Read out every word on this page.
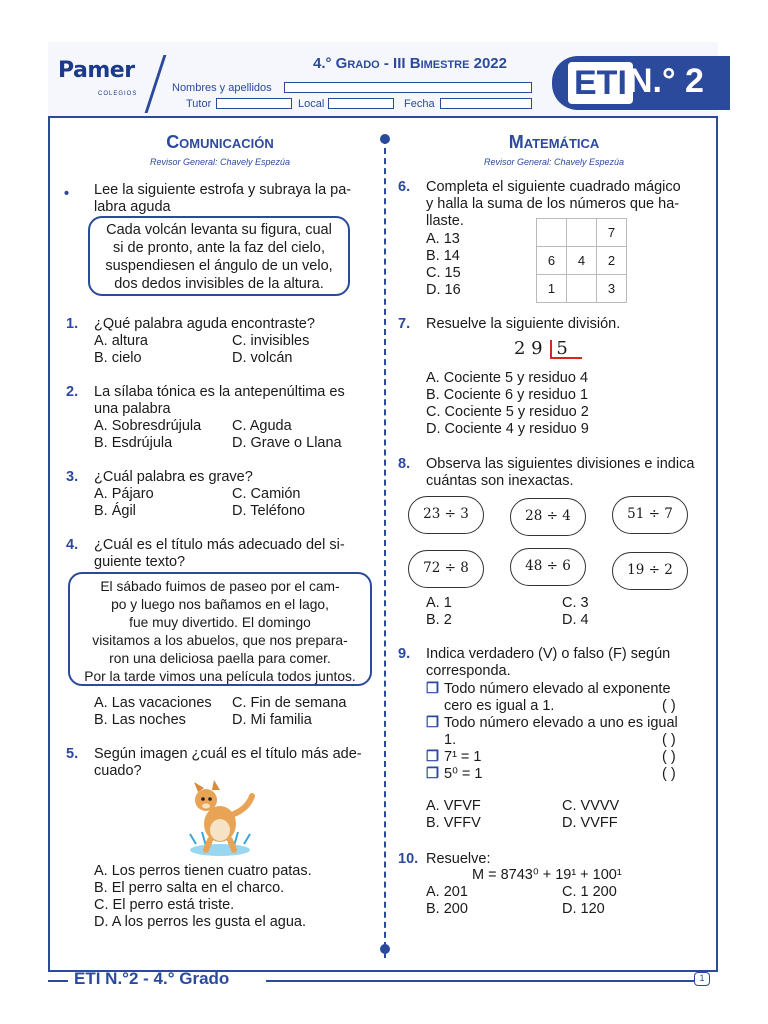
Pamer
COLEGIOS
4.° Grado - III Bimestre 2022
Nombres y apellidos
Tutor	Local	Fecha
ETI N.° 2
Comunicación
Revisor General: Chavely Espezúa
• Lee la siguiente estrofa y subraya la pa-
labra aguda
Cada volcán levanta su figura, cual
si de pronto, ante la faz del cielo,
suspendiesen el ángulo de un velo,
dos dedos invisibles de la altura.
1. ¿Qué palabra aguda encontraste?
A. altura
B. cielo
C. invisibles
D. volcán
2. La sílaba tónica es la antepenúltima es
una palabra
A. Sobresdrújula
B. Esdrújula
C. Aguda
D. Grave o Llana
3. ¿Cuál palabra es grave?
A. Pájaro
B. Ágil
C. Camión
D. Teléfono
4. ¿Cuál es el título más adecuado del si-
guiente texto?
El sábado fuimos de paseo por el cam-
po y luego nos bañamos en el lago,
fue muy divertido. El domingo
visitamos a los abuelos, que nos prepara-
ron una deliciosa paella para comer.
Por la tarde vimos una película todos juntos.
A. Las vacaciones
B. Las noches
C. Fin de semana
D. Mi familia
5. Según imagen ¿cuál es el título más ade-
cuado?
A. Los perros tienen cuatro patas.
B. El perro salta en el charco.
C. El perro está triste.
D. A los perros les gusta el agua.
Matemática
Revisor General: Chavely Espezúa
6. Completa el siguiente cuadrado mágico
y halla la suma de los números que ha-
llaste.
A. 13
B. 14
C. 15
D. 16
		7
6	4	2
1		3
7. Resuelve la siguiente división.
2 9 5
A. Cociente 5 y residuo 4
B. Cociente 6 y residuo 1
C. Cociente 5 y residuo 2
D. Cociente 4 y residuo 9
8. Observa las siguientes divisiones e indica
cuántas son inexactas.
23 ÷ 3	28 ÷ 4	51 ÷ 7
72 ÷ 8	48 ÷ 6	19 ÷ 2
A. 1
B. 2
C. 3
D. 4
9. Indica verdadero (V) o falso (F) según
corresponda.
❐ Todo número elevado al exponente
cero es igual a 1.	( )
❐ Todo número elevado a uno es igual
1.	( )
❐ 7¹ = 1	( )
❐ 5⁰ = 1	( )
A. VFVF
B. VFFV
C. VVVV
D. VVFF
10. Resuelve:
M = 8743⁰ + 19¹ + 100¹
A. 201
B. 200
C. 1 200
D. 120
ETI N.°2 - 4.° Grado	1
